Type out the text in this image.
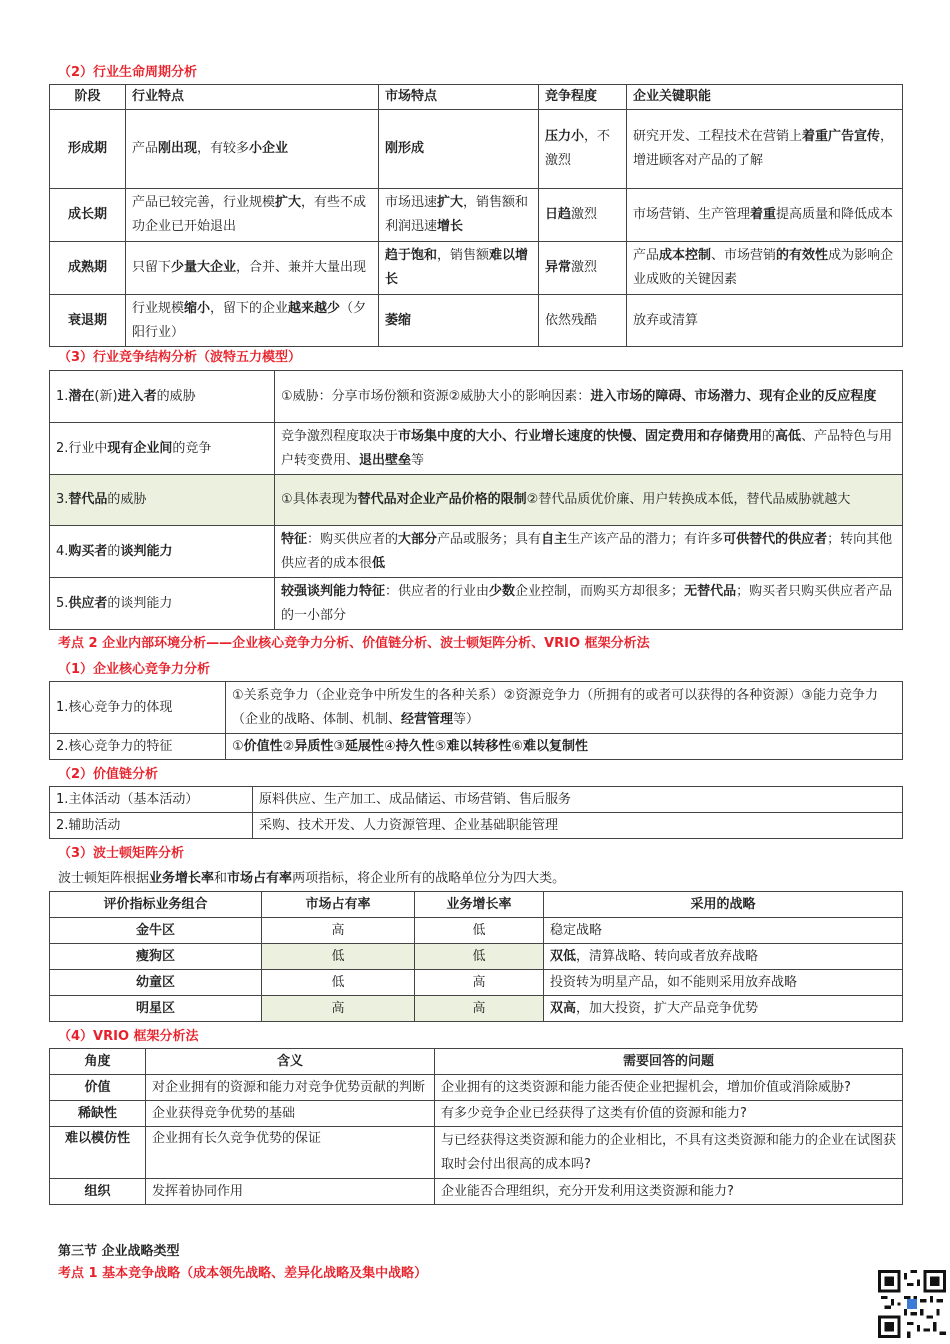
（2）行业生命周期分析
阶段	行业特点	市场特点	竞争程度	企业关键职能
形成期	产品刚出现，有较多小企业	刚形成	压力小，不激烈	研究开发、工程技术在营销上着重广告宣传，增进顾客对产品的了解
成长期	产品已较完善，行业规模扩大，有些不成功企业已开始退出	市场迅速扩大，销售额和利润迅速增长	日趋激烈	市场营销、生产管理着重提高质量和降低成本
成熟期	只留下少量大企业，合并、兼并大量出现	趋于饱和，销售额难以增长	异常激烈	产品成本控制、市场营销的有效性成为影响企业成败的关键因素
衰退期	行业规模缩小，留下的企业越来越少（夕阳行业）	萎缩	依然残酷	放弃或清算
（3）行业竞争结构分析（波特五力模型）
1.潜在(新)进入者的威胁	①威胁：分享市场份额和资源②威胁大小的影响因素：进入市场的障碍、市场潜力、现有企业的反应程度
2.行业中现有企业间的竞争	竞争激烈程度取决于市场集中度的大小、行业增长速度的快慢、固定费用和存储费用的高低、产品特色与用户转变费用、退出壁垒等
3.替代品的威胁	①具体表现为替代品对企业产品价格的限制②替代品质优价廉、用户转换成本低，替代品威胁就越大
4.购买者的谈判能力	特征：购买供应者的大部分产品或服务；具有自主生产该产品的潜力；有许多可供替代的供应者；转向其他供应者的成本很低
5.供应者的谈判能力	较强谈判能力特征：供应者的行业由少数企业控制，而购买方却很多；无替代品；购买者只购买供应者产品的一小部分
考点 2 企业内部环境分析——企业核心竞争力分析、价值链分析、波士顿矩阵分析、VRIO 框架分析法
（1）企业核心竞争力分析
1.核心竞争力的体现	①关系竞争力（企业竞争中所发生的各种关系）②资源竞争力（所拥有的或者可以获得的各种资源）③能力竞争力（企业的战略、体制、机制、经营管理等）
2.核心竞争力的特征	①价值性②异质性③延展性④持久性⑤难以转移性⑥难以复制性
（2）价值链分析
1.主体活动（基本活动）	原料供应、生产加工、成品储运、市场营销、售后服务
2.辅助活动	采购、技术开发、人力资源管理、企业基础职能管理
（3）波士顿矩阵分析
波士顿矩阵根据业务增长率和市场占有率两项指标，将企业所有的战略单位分为四大类。
评价指标业务组合	市场占有率	业务增长率	采用的战略
金牛区	高	低	稳定战略
瘦狗区	低	低	双低，清算战略、转向或者放弃战略
幼童区	低	高	投资转为明星产品，如不能则采用放弃战略
明星区	高	高	双高，加大投资，扩大产品竞争优势
（4）VRIO 框架分析法
角度	含义	需要回答的问题
价值	对企业拥有的资源和能力对竞争优势贡献的判断	企业拥有的这类资源和能力能否使企业把握机会，增加价值或消除威胁?
稀缺性	企业获得竞争优势的基础	有多少竞争企业已经获得了这类有价值的资源和能力?
难以模仿性	企业拥有长久竞争优势的保证	与已经获得这类资源和能力的企业相比，不具有这类资源和能力的企业在试图获取时会付出很高的成本吗?
组织	发挥着协同作用	企业能否合理组织，充分开发利用这类资源和能力?
第三节 企业战略类型
考点 1 基本竞争战略（成本领先战略、差异化战略及集中战略）
